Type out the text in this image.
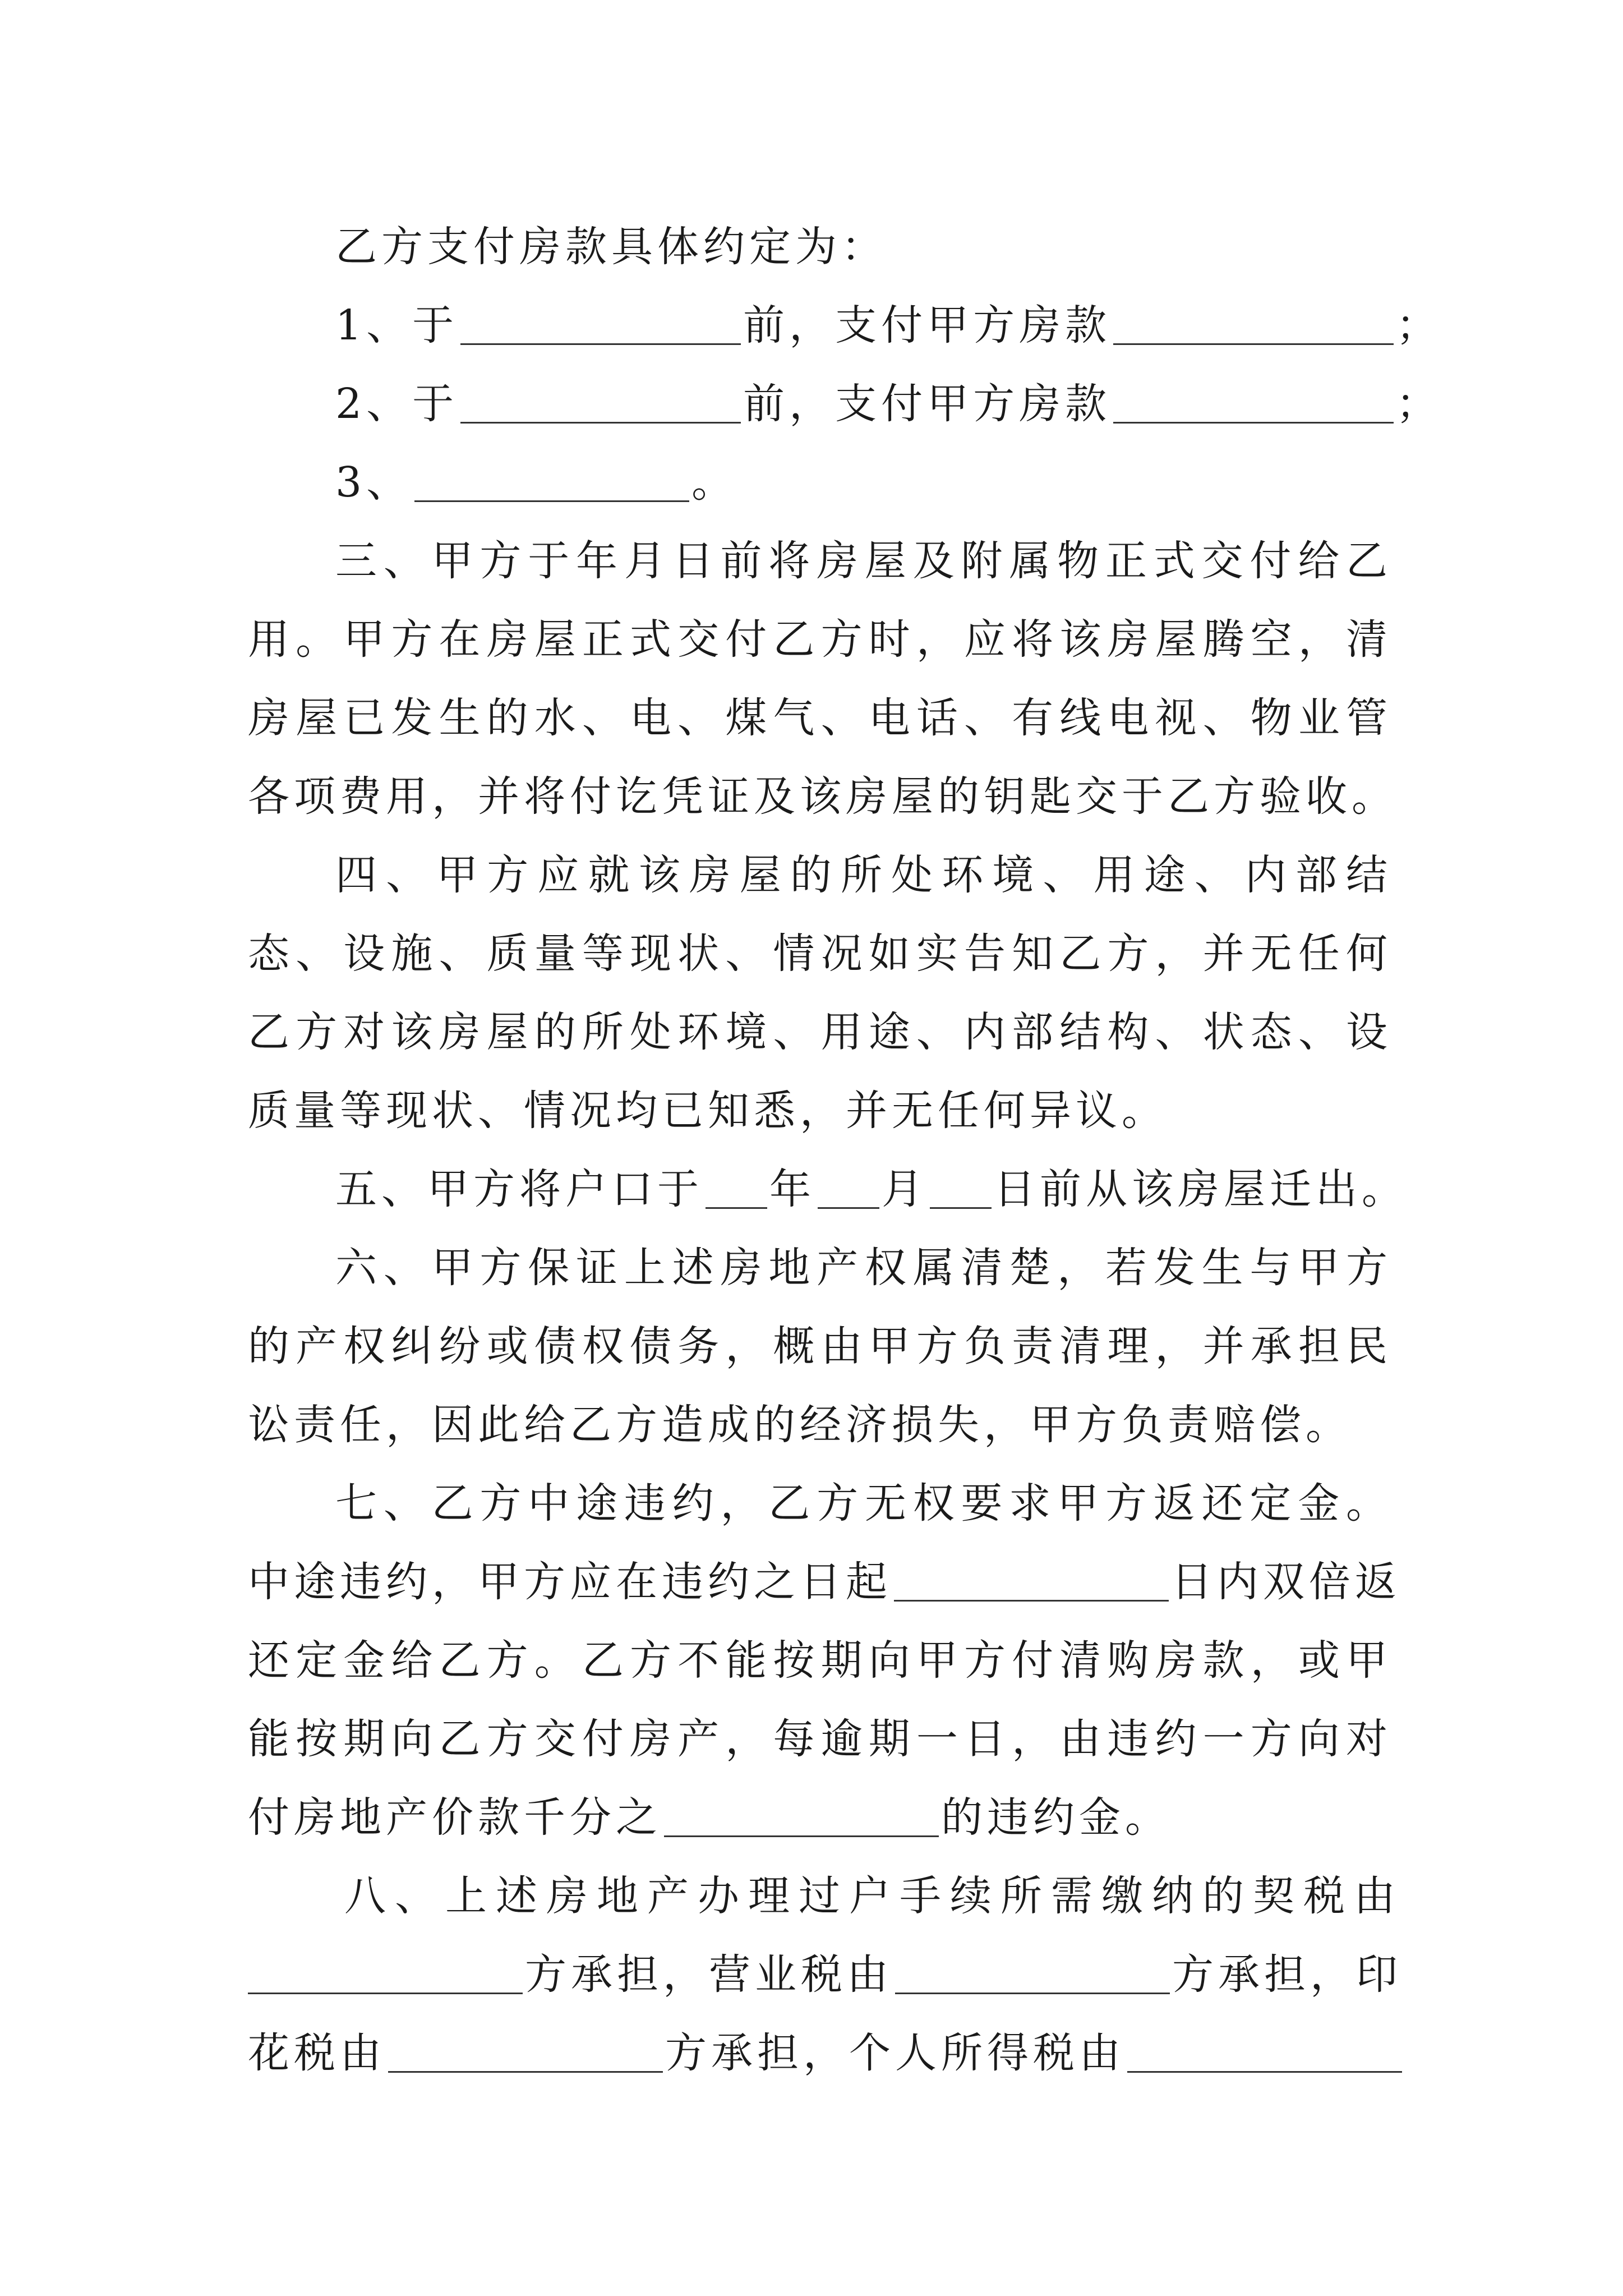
乙方支付房款具体约定为：
1、于	前，支付甲方房款	；
2、于	前，支付甲方房款	；
3、	。
三、甲方于年月日前将房屋及附属物正式交付给乙
用。甲方在房屋正式交付乙方时，应将该房屋腾空，清
房屋已发生的水、电、煤气、电话、有线电视、物业管
各项费用，并将付讫凭证及该房屋的钥匙交于乙方验收。
四、甲方应就该房屋的所处环境、用途、内部结
态、设施、质量等现状、情况如实告知乙方，并无任何
乙方对该房屋的所处环境、用途、内部结构、状态、设
质量等现状、情况均已知悉，并无任何异议。
五、甲方将户口于 年 月 日前从该房屋迁出。
六、甲方保证上述房地产权属清楚，若发生与甲方
的产权纠纷或债权债务，概由甲方负责清理，并承担民
讼责任，因此给乙方造成的经济损失，甲方负责赔偿。
七、乙方中途违约，乙方无权要求甲方返还定金。
中途违约，甲方应在违约之日起	日内双倍返
还定金给乙方。乙方不能按期向甲方付清购房款，或甲
能按期向乙方交付房产，每逾期一日，由违约一方向对
付房地产价款千分之	的违约金。
八、上述房地产办理过户手续所需缴纳的契税由
方承担，营业税由	方承担，印
花税由	方承担，个人所得税由
